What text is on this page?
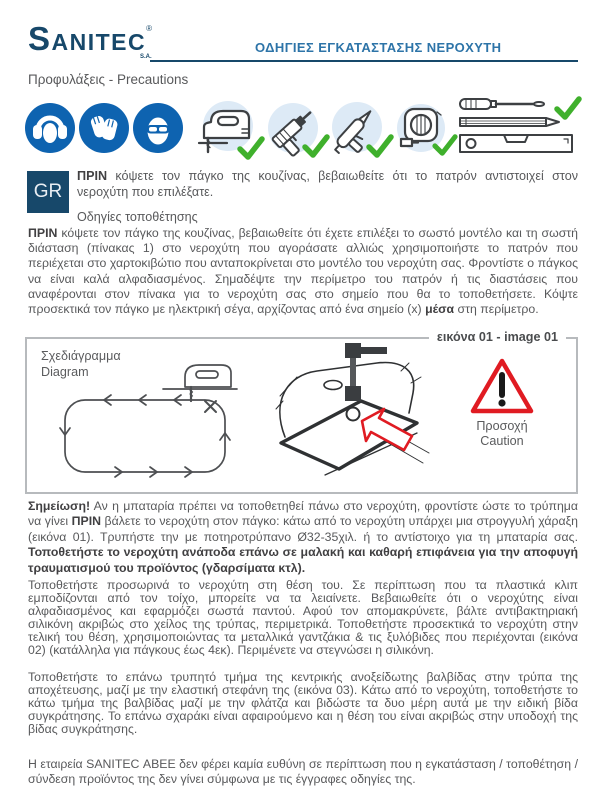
SANITEC®
S.A.
ΟΔΗΓΙΕΣ ΕΓΚΑΤΑΣΤΑΣΗΣ ΝΕΡΟΧΥΤΗ
Προφυλάξεις - Precautions
GR
ΠΡΙΝ κόψετε τον πάγκο της κουζίνας, βεβαιωθείτε ότι το πατρόν αντιστοιχεί στον νεροχύτη που επιλέξατε.
Οδηγίες τοποθέτησης

ΠΡΙΝ κόψετε τον πάγκο της κουζίνας, βεβαιωθείτε ότι έχετε επιλέξει το σωστό μοντέλο και τη σωστή διάσταση (πίνακας 1) στο νεροχύτη που αγοράσατε αλλιώς χρησιμοποιήστε το πατρόν που περιέχεται στο χαρτοκιβώτιο που ανταποκρίνεται στο μοντέλο του νεροχύτη σας. Φροντίστε ο πάγκος να είναι καλά αλφαδιασμένος. Σημαδέψτε την περίμετρο του πατρόν ή τις διαστάσεις που αναφέρονται στον πίνακα για το νεροχύτη σας στο σημείο που θα το τοποθετήσετε. Κόψτε προσεκτικά τον πάγκο με ηλεκτρική σέγα, αρχίζοντας από ένα σημείο (x) μέσα στη περίμετρο.

Σχεδιάγραμμα
Diagram
εικόνα 01 - image 01
Προσοχή
Caution

Σημείωση! Αν η μπαταρία πρέπει να τοποθετηθεί πάνω στο νεροχύτη, φροντίστε ώστε το τρύπημα να γίνει ΠΡΙΝ βάλετε το νεροχύτη στον πάγκο: κάτω από το νεροχύτη υπάρχει μια στρογγυλή χάραξη (εικόνα 01). Τρυπήστε την με ποτηροτρύπανο Ø32-35χιλ. ή το αντίστοιχο για τη μπαταρία σας. Τοποθετήστε το νεροχύτη ανάποδα επάνω σε μαλακή και καθαρή επιφάνεια για την αποφυγή τραυματισμού του προϊόντος (γδαρσίματα κτλ).

Τοποθετήστε προσωρινά το νεροχύτη στη θέση του. Σε περίπτωση που τα πλαστικά κλιπ εμποδίζονται από τον τοίχο, μπορείτε να τα λειαίνετε. Βεβαιωθείτε ότι ο νεροχύτης είναι αλφαδιασμένος και εφαρμόζει σωστά παντού. Αφού τον απομακρύνετε, βάλτε αντιβακτηριακή σιλικόνη ακριβώς στο χείλος της τρύπας, περιμετρικά. Τοποθετήστε προσεκτικά το νεροχύτη στην τελική του θέση, χρησιμοποιώντας τα μεταλλικά γαντζάκια & τις ξυλόβιδες που περιέχονται (εικόνα 02) (κατάλληλα για πάγκους έως 4εκ). Περιμένετε να στεγνώσει η σιλικόνη.

Τοποθετήστε το επάνω τρυπητό τμήμα της κεντρικής ανοξείδωτης βαλβίδας στην τρύπα της αποχέτευσης, μαζί με την ελαστική στεφάνη της (εικόνα 03). Κάτω από το νεροχύτη, τοποθετήστε το κάτω τμήμα της βαλβίδας μαζί με την φλάτζα και βιδώστε τα δυο μέρη αυτά με την ειδική βίδα συγκράτησης. Το επάνω σχαράκι είναι αφαιρούμενο και η θέση του είναι ακριβώς στην υποδοχή της βίδας συγκράτησης.

Η εταιρεία SANITEC ΑΒΕΕ δεν φέρει καμία ευθύνη σε περίπτωση που η εγκατάσταση / τοποθέτηση / σύνδεση προϊόντος της δεν γίνει σύμφωνα με τις έγγραφες οδηγίες της.
